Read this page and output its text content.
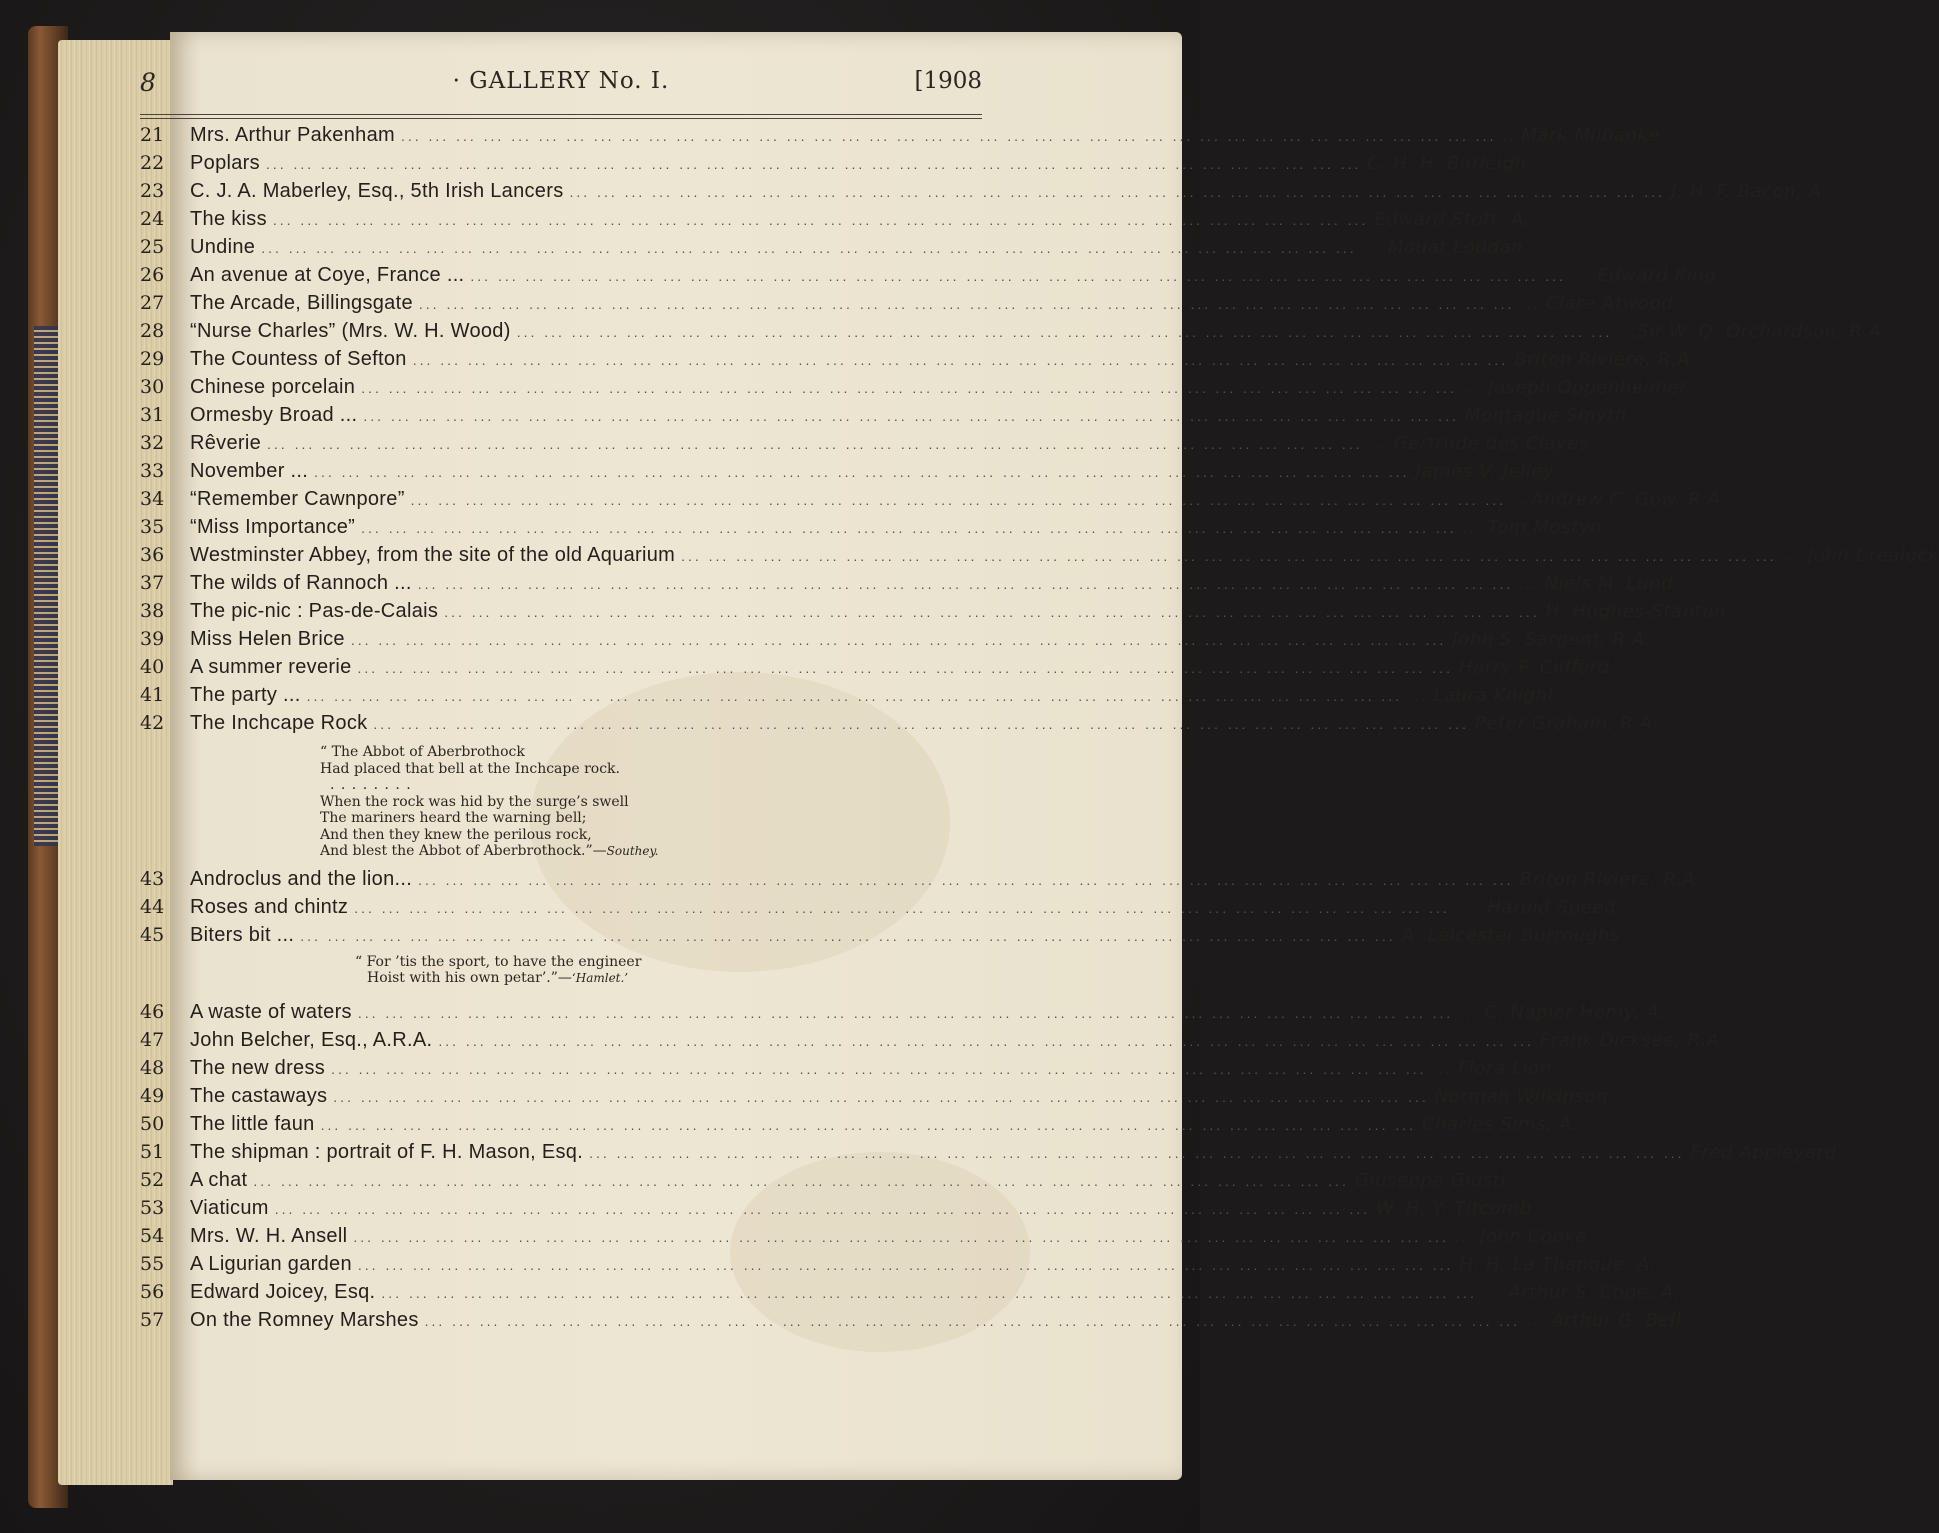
8	· GALLERY No. I.	[1908
21	Mrs. Arthur Pakenham ... ... ... ... ... ... ... ... ... ... ... ... ... ... ... ... ... ... ... ... ... ... ... ... ... ... ... ... ... ... ... ... ... ... ... ... ... ... ... ... ...Mark Milbanke
22	Poplars ... ... ... ... ... ... ... ... ... ... ... ... ... ... ... ... ... ... ... ... ... ... ... ... ... ... ... ... ... ... ... ... ... ... ... ... ... ... ... ... C. H. H. Burleigh
23	C. J. A. Maberley, Esq., 5th Irish Lancers ... ... ... ... ... ... ... ... ... ... ... ... ... ... ... ... ... ... ... ... ... ... ... ... ... ... ... ... ... ... ... ... ... ... ... ... ... ... ... ... J. H. F. Bacon, A.
24	The kiss ... ... ... ... ... ... ... ... ... ... ... ... ... ... ... ... ... ... ... ... ... ... ... ... ... ... ... ... ... ... ... ... ... ... ... ... ... ... ... ... Edward Stott, A.
25	Undine ... ... ... ... ... ... ... ... ... ... ... ... ... ... ... ... ... ... ... ... ... ... ... ... ... ... ... ... ... ... ... ... ... ... ... ... ... ... ... ... ... Mouat Loudan
26	An avenue at Coye, France ... ... ... ... ... ... ... ... ... ... ... ... ... ... ... ... ... ... ... ... ... ... ... ... ... ... ... ... ... ... ... ... ... ... ... ... ... ... ... ... ... ... Edward King
27	The Arcade, Billingsgate ... ... ... ... ... ... ... ... ... ... ... ... ... ... ... ... ... ... ... ... ... ... ... ... ... ... ... ... ... ... ... ... ... ... ... ... ... ... ... ... ... Clare Atwood
28	“Nurse Charles” (Mrs. W. H. Wood) ... ... ... ... ... ... ... ... ... ... ... ... ... ... ... ... ... ... ... ... ... ... ... ... ... ... ... ... ... ... ... ... ... ... ... ... ... ... ... ... ...Sir W. Q. Orchardson, R.A.
29	The Countess of Sefton ... ... ... ... ... ... ... ... ... ... ... ... ... ... ... ... ... ... ... ... ... ... ... ... ... ... ... ... ... ... ... ... ... ... ... ... ... ... ... ... Briton Riviere, R.A.
30	Chinese porcelain ... ... ... ... ... ... ... ... ... ... ... ... ... ... ... ... ... ... ... ... ... ... ... ... ... ... ... ... ... ... ... ... ... ... ... ... ... ... ... ... ... Joseph Oppenheimer
31	Ormesby Broad ... ... ... ... ... ... ... ... ... ... ... ... ... ... ... ... ... ... ... ... ... ... ... ... ... ... ... ... ... ... ... ... ... ... ... ... ... ... ... ... ... Montague Smyth
32	Rêverie ... ... ... ... ... ... ... ... ... ... ... ... ... ... ... ... ... ... ... ... ... ... ... ... ... ... ... ... ... ... ... ... ... ... ... ... ... ... ... ... ... Gertrude des Clayes
33	November ... ... ... ... ... ... ... ... ... ... ... ... ... ... ... ... ... ... ... ... ... ... ... ... ... ... ... ... ... ... ... ... ... ... ... ... ... ... ... ... ... James V. Jelley
34	“Remember Cawnpore” ... ... ... ... ... ... ... ... ... ... ... ... ... ... ... ... ... ... ... ... ... ... ... ... ... ... ... ... ... ... ... ... ... ... ... ... ... ... ... ... ...Andrew C. Gow, R.A.
35	“Miss Importance” ... ... ... ... ... ... ... ... ... ... ... ... ... ... ... ... ... ... ... ... ... ... ... ... ... ... ... ... ... ... ... ... ... ... ... ... ... ... ... ... ... Tom Mostyn
36	Westminster Abbey, from the site of the old Aquarium ... ... ... ... ... ... ... ... ... ... ... ... ... ... ... ... ... ... ... ... ... ... ... ... ... ... ... ... ... ... ... ... ... ... ... ... ... ... ... ... ... John Crealock
37	The wilds of Rannoch ... ... ... ... ... ... ... ... ... ... ... ... ... ... ... ... ... ... ... ... ... ... ... ... ... ... ... ... ... ... ... ... ... ... ... ... ... ... ... ... ... ... Niels M. Lund
38	The pic-nic : Pas-de-Calais ... ... ... ... ... ... ... ... ... ... ... ... ... ... ... ... ... ... ... ... ... ... ... ... ... ... ... ... ... ... ... ... ... ... ... ... ... ... ... ... H. Hughes-Stanton
39	Miss Helen Brice ... ... ... ... ... ... ... ... ... ... ... ... ... ... ... ... ... ... ... ... ... ... ... ... ... ... ... ... ... ... ... ... ... ... ... ... ... ... ... ... John S. Sargent, R.A.
40	A summer reverie ... ... ... ... ... ... ... ... ... ... ... ... ... ... ... ... ... ... ... ... ... ... ... ... ... ... ... ... ... ... ... ... ... ... ... ... ... ... ... ... Harry P. Clifford
41	The party ... ... ... ... ... ... ... ... ... ... ... ... ... ... ... ... ... ... ... ... ... ... ... ... ... ... ... ... ... ... ... ... ... ... ... ... ... ... ... ... ... ... Laura Knight
42	The Inchcape Rock ... ... ... ... ... ... ... ... ... ... ... ... ... ... ... ... ... ... ... ... ... ... ... ... ... ... ... ... ... ... ... ... ... ... ... ... ... ... ... ... Peter Graham, R.A.
“ The Abbot of Aberbrothock
Had placed that bell at the Inchcape rock.
. . . . . . . .
When the rock was hid by the surge’s swell
The mariners heard the warning bell;
And then they knew the perilous rock,
And blest the Abbot of Aberbrothock.”—Southey.
43	Androclus and the lion... ... ... ... ... ... ... ... ... ... ... ... ... ... ... ... ... ... ... ... ... ... ... ... ... ... ... ... ... ... ... ... ... ... ... ... ... ... ... ... ... Briton Riviere, R.A.
44	Roses and chintz ... ... ... ... ... ... ... ... ... ... ... ... ... ... ... ... ... ... ... ... ... ... ... ... ... ... ... ... ... ... ... ... ... ... ... ... ... ... ... ... .... Harold Speed
45	Biters bit ... ... ... ... ... ... ... ... ... ... ... ... ... ... ... ... ... ... ... ... ... ... ... ... ... ... ... ... ... ... ... ... ... ... ... ... ... ... ... ... ... A. Leicester Burroughs
“ For ’tis the sport, to have the engineer
Hoist with his own petar’.”—‘Hamlet.’
46	A waste of waters ... ... ... ... ... ... ... ... ... ... ... ... ... ... ... ... ... ... ... ... ... ... ... ... ... ... ... ... ... ... ... ... ... ... ... ... ... ... ... ... ... C. Napier Hemy, A.
47	John Belcher, Esq., A.R.A. ... ... ... ... ... ... ... ... ... ... ... ... ... ... ... ... ... ... ... ... ... ... ... ... ... ... ... ... ... ... ... ... ... ... ... ... ... ... ... ... Frank Dicksee, R.A.
48	The new dress ... ... ... ... ... ... ... ... ... ... ... ... ... ... ... ... ... ... ... ... ... ... ... ... ... ... ... ... ... ... ... ... ... ... ... ... ... ... ... ... ... Flora Lion
49	The castaways ... ... ... ... ... ... ... ... ... ... ... ... ... ... ... ... ... ... ... ... ... ... ... ... ... ... ... ... ... ... ... ... ... ... ... ... ... ... ... ... Norman Wilkinson
50	The little faun ... ... ... ... ... ... ... ... ... ... ... ... ... ... ... ... ... ... ... ... ... ... ... ... ... ... ... ... ... ... ... ... ... ... ... ... ... ... ... ... Charles Sims, A.
51	The shipman : portrait of F. H. Mason, Esq. ... ... ... ... ... ... ... ... ... ... ... ... ... ... ... ... ... ... ... ... ... ... ... ... ... ... ... ... ... ... ... ... ... ... ... ... ... ... ... ... Fred Appleyard
52	A chat ... ... ... ... ... ... ... ... ... ... ... ... ... ... ... ... ... ... ... ... ... ... ... ... ... ... ... ... ... ... ... ... ... ... ... ... ... ... ... ... Giuseppe Giusti
53	Viaticum ... ... ... ... ... ... ... ... ... ... ... ... ... ... ... ... ... ... ... ... ... ... ... ... ... ... ... ... ... ... ... ... ... ... ... ... ... ... ... ... W. H. Y. Titcomb
54	Mrs. W. H. Ansell ... ... ... ... ... ... ... ... ... ... ... ... ... ... ... ... ... ... ... ... ... ... ... ... ... ... ... ... ... ... ... ... ... ... ... ... ... ... ... ... ... John Cooke
55	A Ligurian garden ... ... ... ... ... ... ... ... ... ... ... ... ... ... ... ... ... ... ... ... ... ... ... ... ... ... ... ... ... ... ... ... ... ... ... ... ... ... ... ... H. H. La Thangue, A.
56	Edward Joicey, Esq. ... ... ... ... ... ... ... ... ... ... ... ... ... ... ... ... ... ... ... ... ... ... ... ... ... ... ... ... ... ... ... ... ... ... ... ... ... ... ... ... ... Arthur S. Cope, A.
57	On the Romney Marshes ... ... ... ... ... ... ... ... ... ... ... ... ... ... ... ... ... ... ... ... ... ... ... ... ... ... ... ... ... ... ... ... ... ... ... ... ... ... ... ... ... Arthur G. Bell
